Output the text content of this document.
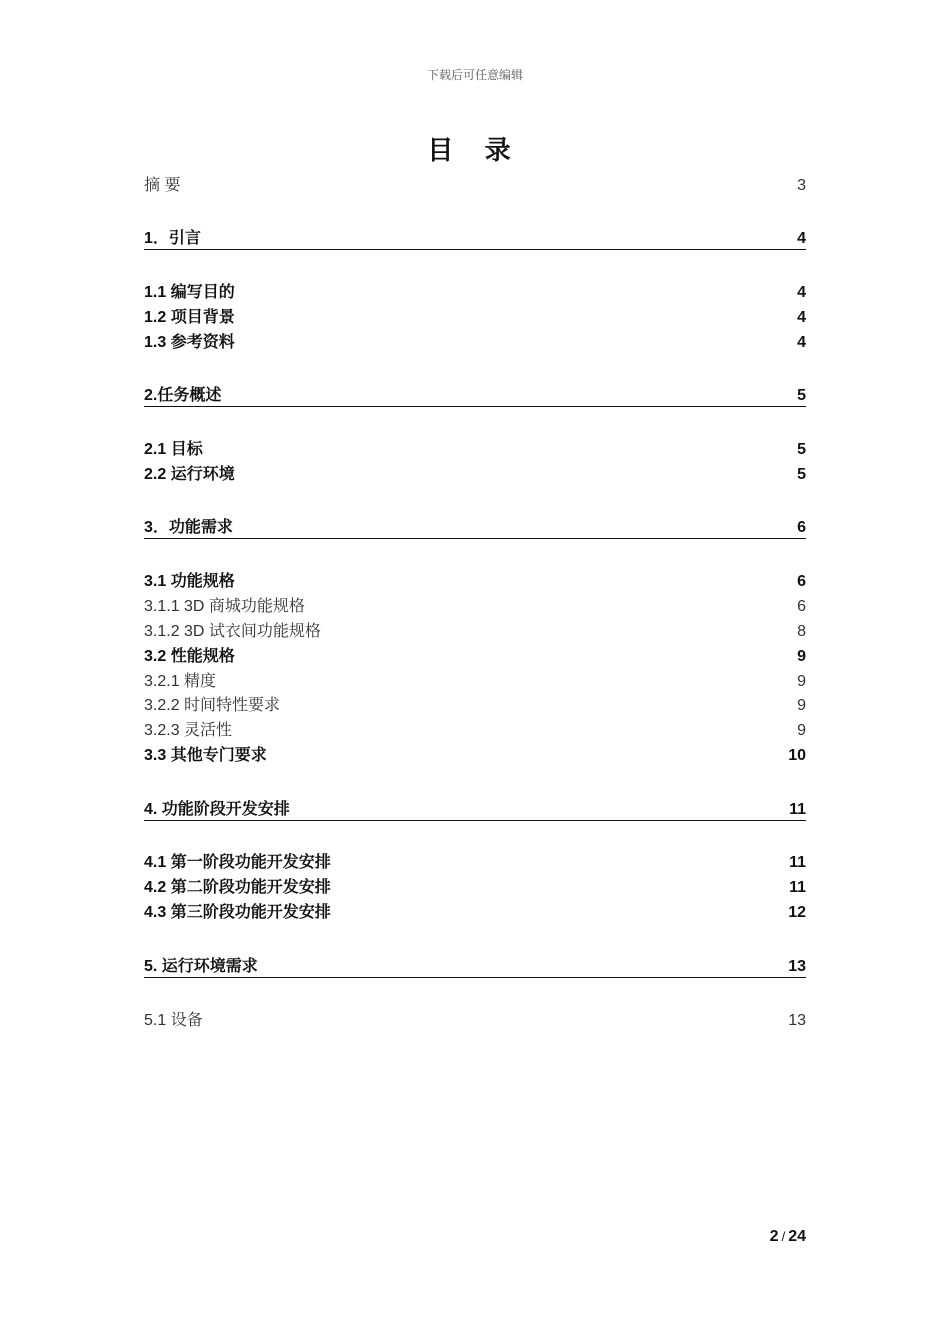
下载后可任意编辑
目 录
摘 要	3
1．引言	4
1.1 编写目的	4
1.2 项目背景	4
1.3 参考资料	4
2.任务概述	5
2.1 目标	5
2.2 运行环境	5
3．功能需求	6
3.1 功能规格	6
3.1.1 3D 商城功能规格	6
3.1.2 3D 试衣间功能规格	8
3.2 性能规格	9
3.2.1 精度	9
3.2.2 时间特性要求	9
3.2.3 灵活性	9
3.3 其他专门要求	10
4. 功能阶段开发安排	11
4.1 第一阶段功能开发安排	11
4.2 第二阶段功能开发安排	11
4.3 第三阶段功能开发安排	12
5. 运行环境需求	13
5.1 设备	13
2 / 24
